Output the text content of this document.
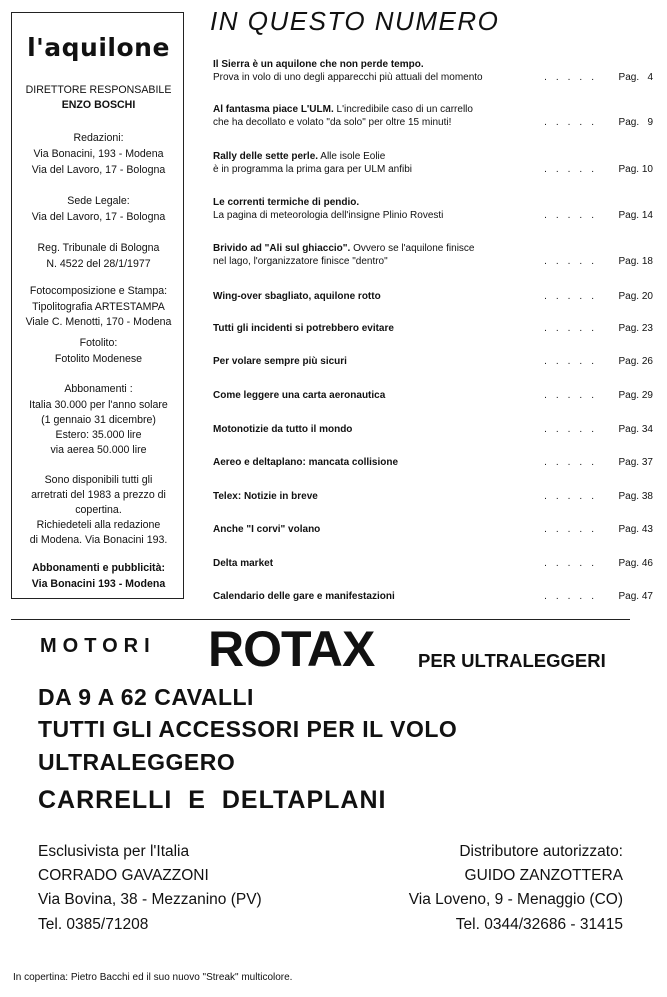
l'aquilone
DIRETTORE RESPONSABILE
ENZO BOSCHI
Redazioni:
Via Bonacini, 193 - Modena
Via del Lavoro, 17 - Bologna
Sede Legale:
Via del Lavoro, 17 - Bologna
Reg. Tribunale di Bologna
N. 4522 del 28/1/1977
Fotocomposizione e Stampa:
Tipolitografia ARTESTAMPA
Viale C. Menotti, 170 - Modena
Fotolito:
Fotolito Modenese
Abbonamenti :
Italia 30.000 per l'anno solare
(1 gennaio 31 dicembre)
Estero: 35.000 lire
via aerea 50.000 lire
Sono disponibili tutti gli
arretrati del 1983 a prezzo di
copertina.
Richiedeteli alla redazione
di Modena. Via Bonacini 193.
Abbonamenti e pubblicità:
Via Bonacini 193 - Modena
IN QUESTO NUMERO
Il Sierra è un aquilone che non perde tempo.
Prova in volo di uno degli apparecchi più attuali del momento	..... Pag.   4
Al fantasma piace L'ULM. L'incredibile caso di un carrello
che ha decollato e volato "da solo" per oltre 15 minuti!	..... Pag.   9
Rally delle sette perle. Alle isole Eolie
è in programma la prima gara per ULM anfibi	..... Pag. 10
Le correnti termiche di pendio.
La pagina di meteorologia dell'insigne Plinio Rovesti	..... Pag. 14
Brivido ad "Ali sul ghiaccio". Ovvero se l'aquilone finisce
nel lago, l'organizzatore finisce "dentro"	..... Pag. 18
Wing-over sbagliato, aquilone rotto	..... Pag. 20
Tutti gli incidenti si potrebbero evitare	..... Pag. 23
Per volare sempre più sicuri	..... Pag. 26
Come leggere una carta aeronautica	..... Pag. 29
Motonotizie da tutto il mondo	..... Pag. 34
Aereo e deltaplano: mancata collisione	..... Pag. 37
Telex: Notizie in breve	..... Pag. 38
Anche "I corvi" volano	..... Pag. 43
Delta market	..... Pag. 46
Calendario delle gare e manifestazioni	..... Pag. 47
MOTORI ROTAX PER ULTRALEGGERI
DA 9 A 62 CAVALLI
TUTTI GLI ACCESSORI PER IL VOLO
ULTRALEGGERO
CARRELLI  E  DELTAPLANI
Esclusivista per l'Italia
CORRADO GAVAZZONI
Via Bovina, 38 - Mezzanino (PV)
Tel. 0385/71208
Distributore autorizzato:
GUIDO ZANZOTTERA
Via Loveno, 9 - Menaggio (CO)
Tel. 0344/32686 - 31415
In copertina: Pietro Bacchi ed il suo nuovo "Streak" multicolore.
